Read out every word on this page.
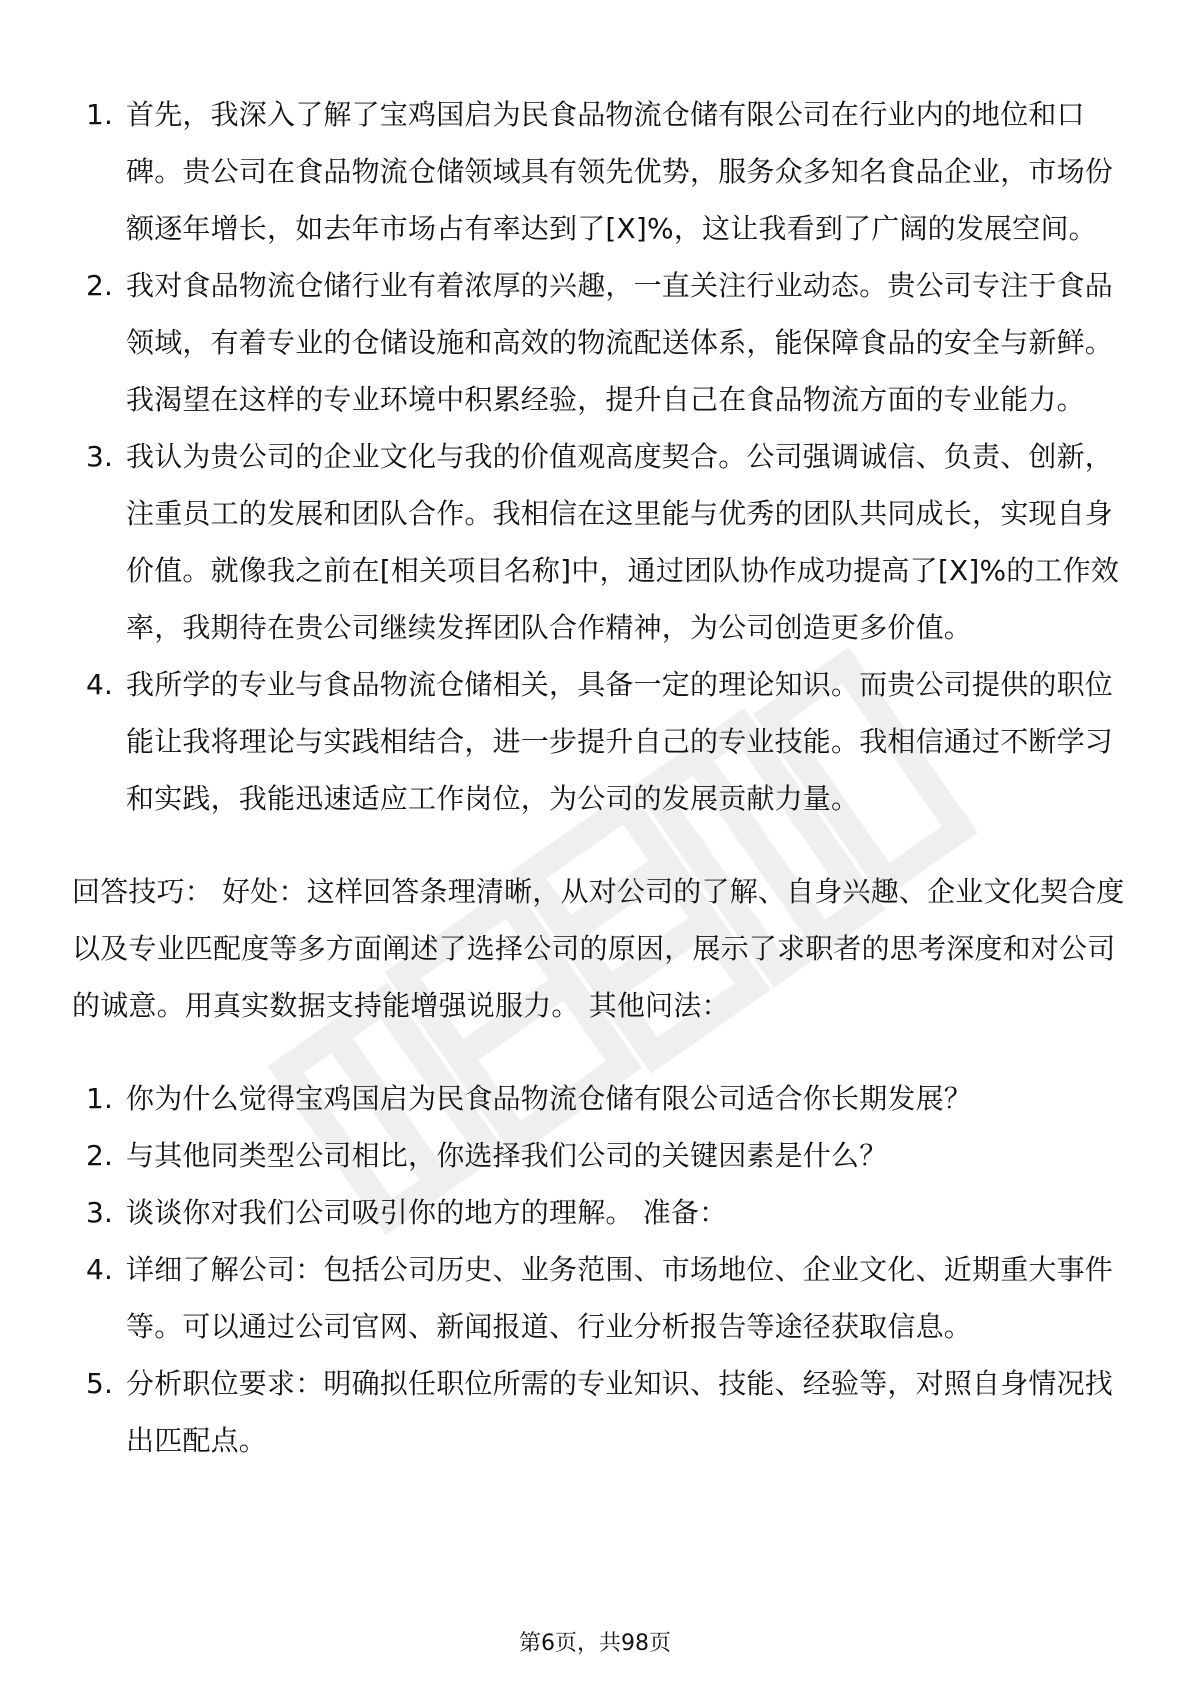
1. 首先，我深入了解了宝鸡国启为民食品物流仓储有限公司在行业内的地位和口碑。贵公司在食品物流仓储领域具有领先优势，服务众多知名食品企业，市场份额逐年增长，如去年市场占有率达到了[X]%，这让我看到了广阔的发展空间。
2. 我对食品物流仓储行业有着浓厚的兴趣，一直关注行业动态。贵公司专注于食品领域，有着专业的仓储设施和高效的物流配送体系，能保障食品的安全与新鲜。我渴望在这样的专业环境中积累经验，提升自己在食品物流方面的专业能力。
3. 我认为贵公司的企业文化与我的价值观高度契合。公司强调诚信、负责、创新，注重员工的发展和团队合作。我相信在这里能与优秀的团队共同成长，实现自身价值。就像我之前在[相关项目名称]中，通过团队协作成功提高了[X]%的工作效率，我期待在贵公司继续发挥团队合作精神，为公司创造更多价值。
4. 我所学的专业与食品物流仓储相关，具备一定的理论知识。而贵公司提供的职位能让我将理论与实践相结合，进一步提升自己的专业技能。我相信通过不断学习和实践，我能迅速适应工作岗位，为公司的发展贡献力量。

回答技巧： 好处：这样回答条理清晰，从对公司的了解、自身兴趣、企业文化契合度以及专业匹配度等多方面阐述了选择公司的原因，展示了求职者的思考深度和对公司的诚意。用真实数据支持能增强说服力。 其他问法：

1. 你为什么觉得宝鸡国启为民食品物流仓储有限公司适合你长期发展？
2. 与其他同类型公司相比，你选择我们公司的关键因素是什么？
3. 谈谈你对我们公司吸引你的地方的理解。 准备：
4. 详细了解公司：包括公司历史、业务范围、市场地位、企业文化、近期重大事件等。可以通过公司官网、新闻报道、行业分析报告等途径获取信息。
5. 分析职位要求：明确拟任职位所需的专业知识、技能、经验等，对照自身情况找出匹配点。
第6页，共98页
